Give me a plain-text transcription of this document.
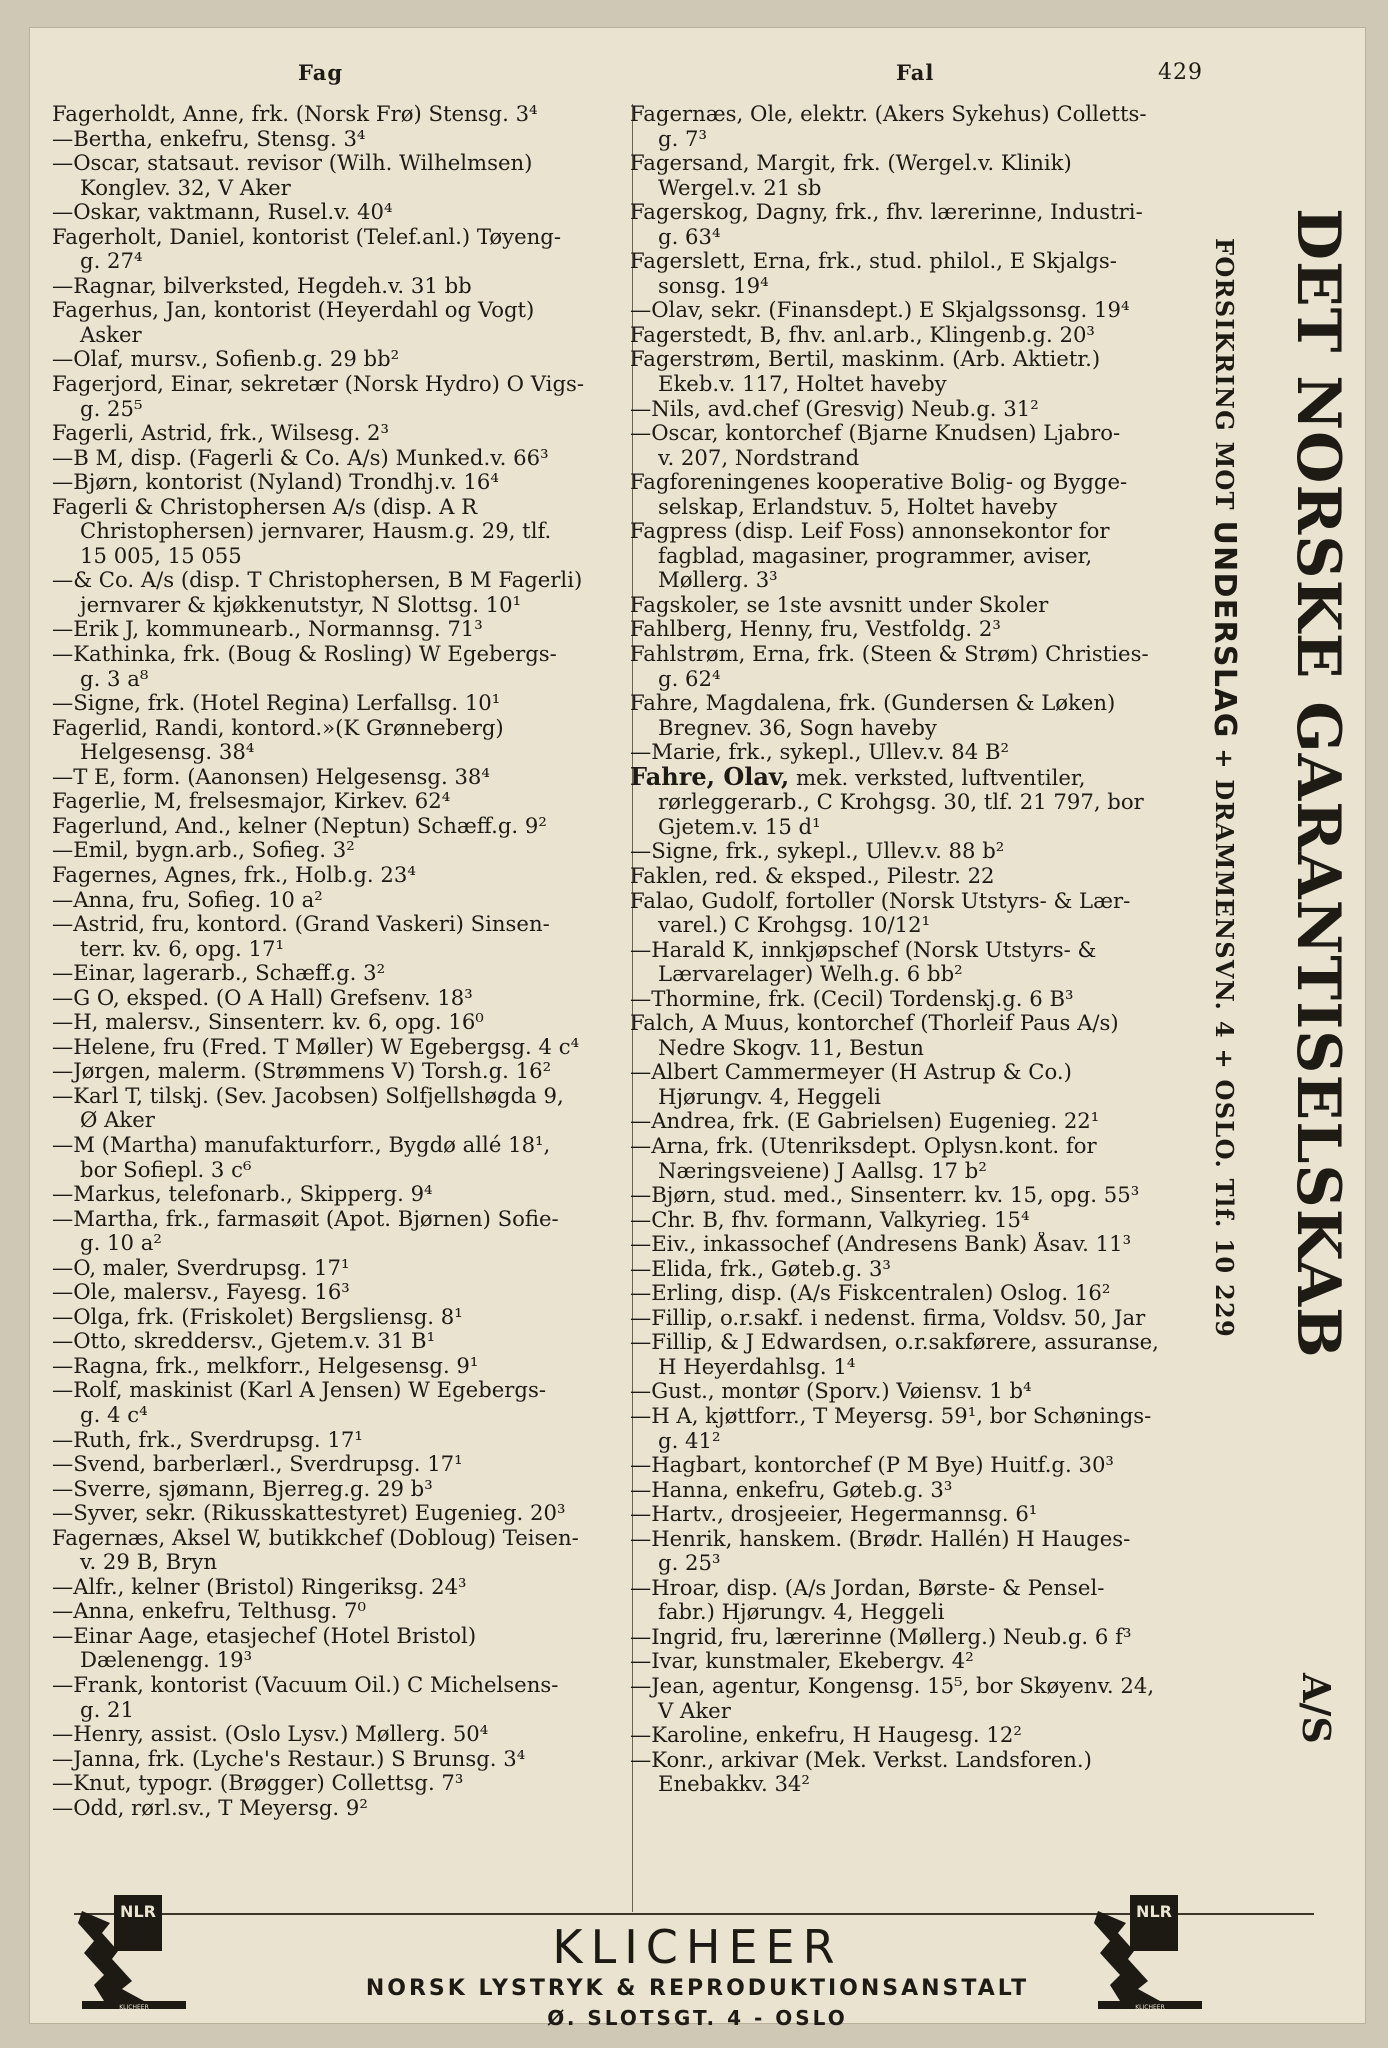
Fag	Fal	429
Fagerholdt, Anne, frk. (Norsk Frø) Stensg. 3⁴
—Bertha, enkefru, Stensg. 3⁴
—Oscar, statsaut. revisor (Wilh. Wilhelmsen)
Konglev. 32, V Aker
—Oskar, vaktmann, Rusel.v. 40⁴
Fagerholt, Daniel, kontorist (Telef.anl.) Tøyeng-
g. 27⁴
—Ragnar, bilverksted, Hegdeh.v. 31 bb
Fagerhus, Jan, kontorist (Heyerdahl og Vogt)
Asker
—Olaf, mursv., Sofienb.g. 29 bb²
Fagerjord, Einar, sekretær (Norsk Hydro) O Vigs-
g. 25⁵
Fagerli, Astrid, frk., Wilsesg. 2³
—B M, disp. (Fagerli & Co. A/s) Munked.v. 66³
—Bjørn, kontorist (Nyland) Trondhj.v. 16⁴
Fagerli & Christophersen A/s (disp. A R
Christophersen) jernvarer, Hausm.g. 29, tlf.
15 005, 15 055
—& Co. A/s (disp. T Christophersen, B M Fagerli)
jernvarer & kjøkkenutstyr, N Slottsg. 10¹
—Erik J, kommunearb., Normannsg. 71³
—Kathinka, frk. (Boug & Rosling) W Egebergs-
g. 3 a⁸
—Signe, frk. (Hotel Regina) Lerfallsg. 10¹
Fagerlid, Randi, kontord.»(K Grønneberg)
Helgesensg. 38⁴
—T E, form. (Aanonsen) Helgesensg. 38⁴
Fagerlie, M, frelsesmajor, Kirkev. 62⁴
Fagerlund, And., kelner (Neptun) Schæff.g. 9²
—Emil, bygn.arb., Sofieg. 3²
Fagernes, Agnes, frk., Holb.g. 23⁴
—Anna, fru, Sofieg. 10 a²
—Astrid, fru, kontord. (Grand Vaskeri) Sinsen-
terr. kv. 6, opg. 17¹
—Einar, lagerarb., Schæff.g. 3²
—G O, eksped. (O A Hall) Grefsenv. 18³
—H, malersv., Sinsenterr. kv. 6, opg. 16⁰
—Helene, fru (Fred. T Møller) W Egebergsg. 4 c⁴
—Jørgen, malerm. (Strømmens V) Torsh.g. 16²
—Karl T, tilskj. (Sev. Jacobsen) Solfjellshøgda 9,
Ø Aker
—M (Martha) manufakturforr., Bygdø allé 18¹,
bor Sofiepl. 3 c⁶
—Markus, telefonarb., Skipperg. 9⁴
—Martha, frk., farmasøit (Apot. Bjørnen) Sofie-
g. 10 a²
—O, maler, Sverdrupsg. 17¹
—Ole, malersv., Fayesg. 16³
—Olga, frk. (Friskolet) Bergsliensg. 8¹
—Otto, skreddersv., Gjetem.v. 31 B¹
—Ragna, frk., melkforr., Helgesensg. 9¹
—Rolf, maskinist (Karl A Jensen) W Egebergs-
g. 4 c⁴
—Ruth, frk., Sverdrupsg. 17¹
—Svend, barberlærl., Sverdrupsg. 17¹
—Sverre, sjømann, Bjerreg.g. 29 b³
—Syver, sekr. (Rikusskattestyret) Eugenieg. 20³
Fagernæs, Aksel W, butikkchef (Dobloug) Teisen-
v. 29 B, Bryn
—Alfr., kelner (Bristol) Ringeriksg. 24³
—Anna, enkefru, Telthusg. 7⁰
—Einar Aage, etasjechef (Hotel Bristol)
Dælenengg. 19³
—Frank, kontorist (Vacuum Oil.) C Michelsens-
g. 21
—Henry, assist. (Oslo Lysv.) Møllerg. 50⁴
—Janna, frk. (Lyche's Restaur.) S Brunsg. 3⁴
—Knut, typogr. (Brøgger) Collettsg. 7³
—Odd, rørl.sv., T Meyersg. 9²
Fagernæs, Ole, elektr. (Akers Sykehus) Colletts-
g. 7³
Fagersand, Margit, frk. (Wergel.v. Klinik)
Wergel.v. 21 sb
Fagerskog, Dagny, frk., fhv. lærerinne, Industri-
g. 63⁴
Fagerslett, Erna, frk., stud. philol., E Skjalgs-
sonsg. 19⁴
—Olav, sekr. (Finansdept.) E Skjalgssonsg. 19⁴
Fagerstedt, B, fhv. anl.arb., Klingenb.g. 20³
Fagerstrøm, Bertil, maskinm. (Arb. Aktietr.)
Ekeb.v. 117, Holtet haveby
—Nils, avd.chef (Gresvig) Neub.g. 31²
—Oscar, kontorchef (Bjarne Knudsen) Ljabro-
v. 207, Nordstrand
Fagforeningenes kooperative Bolig- og Bygge-
selskap, Erlandstuv. 5, Holtet haveby
Fagpress (disp. Leif Foss) annonsekontor for
fagblad, magasiner, programmer, aviser,
Møllerg. 3³
Fagskoler, se 1ste avsnitt under Skoler
Fahlberg, Henny, fru, Vestfoldg. 2³
Fahlstrøm, Erna, frk. (Steen & Strøm) Christies-
g. 62⁴
Fahre, Magdalena, frk. (Gundersen & Løken)
Bregnev. 36, Sogn haveby
—Marie, frk., sykepl., Ullev.v. 84 B²
Fahre, Olav, mek. verksted, luftventiler,
rørleggerarb., C Krohgsg. 30, tlf. 21 797, bor
Gjetem.v. 15 d¹
—Signe, frk., sykepl., Ullev.v. 88 b²
Faklen, red. & eksped., Pilestr. 22
Falao, Gudolf, fortoller (Norsk Utstyrs- & Lær-
varel.) C Krohgsg. 10/12¹
—Harald K, innkjøpschef (Norsk Utstyrs- &
Lærvarelager) Welh.g. 6 bb²
—Thormine, frk. (Cecil) Tordenskj.g. 6 B³
Falch, A Muus, kontorchef (Thorleif Paus A/s)
Nedre Skogv. 11, Bestun
—Albert Cammermeyer (H Astrup & Co.)
Hjørungv. 4, Heggeli
—Andrea, frk. (E Gabrielsen) Eugenieg. 22¹
—Arna, frk. (Utenriksdept. Oplysn.kont. for
Næringsveiene) J Aallsg. 17 b²
—Bjørn, stud. med., Sinsenterr. kv. 15, opg. 55³
—Chr. B, fhv. formann, Valkyrieg. 15⁴
—Eiv., inkassochef (Andresens Bank) Åsav. 11³
—Elida, frk., Gøteb.g. 3³
—Erling, disp. (A/s Fiskcentralen) Oslog. 16²
—Fillip, o.r.sakf. i nedenst. firma, Voldsv. 50, Jar
—Fillip, & J Edwardsen, o.r.sakførere, assuranse,
H Heyerdahlsg. 1⁴
—Gust., montør (Sporv.) Vøiensv. 1 b⁴
—H A, kjøttforr., T Meyersg. 59¹, bor Schønings-
g. 41²
—Hagbart, kontorchef (P M Bye) Huitf.g. 30³
—Hanna, enkefru, Gøteb.g. 3³
—Hartv., drosjeeier, Hegermannsg. 6¹
—Henrik, hanskem. (Brødr. Hallén) H Hauges-
g. 25³
—Hroar, disp. (A/s Jordan, Børste- & Pensel-
fabr.) Hjørungv. 4, Heggeli
—Ingrid, fru, lærerinne (Møllerg.) Neub.g. 6 f³
—Ivar, kunstmaler, Ekebergv. 4²
—Jean, agentur, Kongensg. 15⁵, bor Skøyenv. 24,
V Aker
—Karoline, enkefru, H Haugesg. 12²
—Konr., arkivar (Mek. Verkst. Landsforen.)
Enebakkv. 34²
FORSIKRING MOT UNDERSLAG + DRAMMENSVN. 4 + OSLO. Tlf. 10 229 DET NORSKE GARANTISELSKAB
A/S
NLR
KLICHEER
KLICHEER
NORSK LYSTRYK & REPRODUKTIONSANSTALT
Ø. SLOTSGT. 4 - OSLO
NLR
KLICHEER
